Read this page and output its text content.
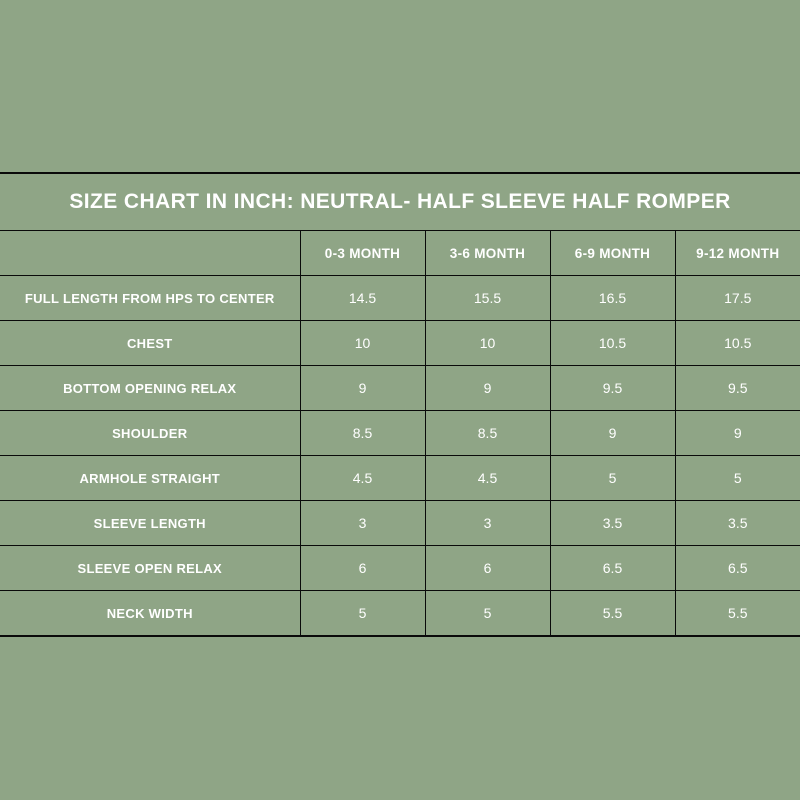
SIZE CHART IN INCH: NEUTRAL- HALF SLEEVE HALF ROMPER				
	0-3 MONTH	3-6 MONTH	6-9 MONTH	9-12 MONTH
FULL LENGTH FROM HPS TO CENTER	14.5	15.5	16.5	17.5
CHEST	10	10	10.5	10.5
BOTTOM OPENING RELAX	9	9	9.5	9.5
SHOULDER	8.5	8.5	9	9
ARMHOLE STRAIGHT	4.5	4.5	5	5
SLEEVE LENGTH	3	3	3.5	3.5
SLEEVE OPEN RELAX	6	6	6.5	6.5
NECK WIDTH	5	5	5.5	5.5
